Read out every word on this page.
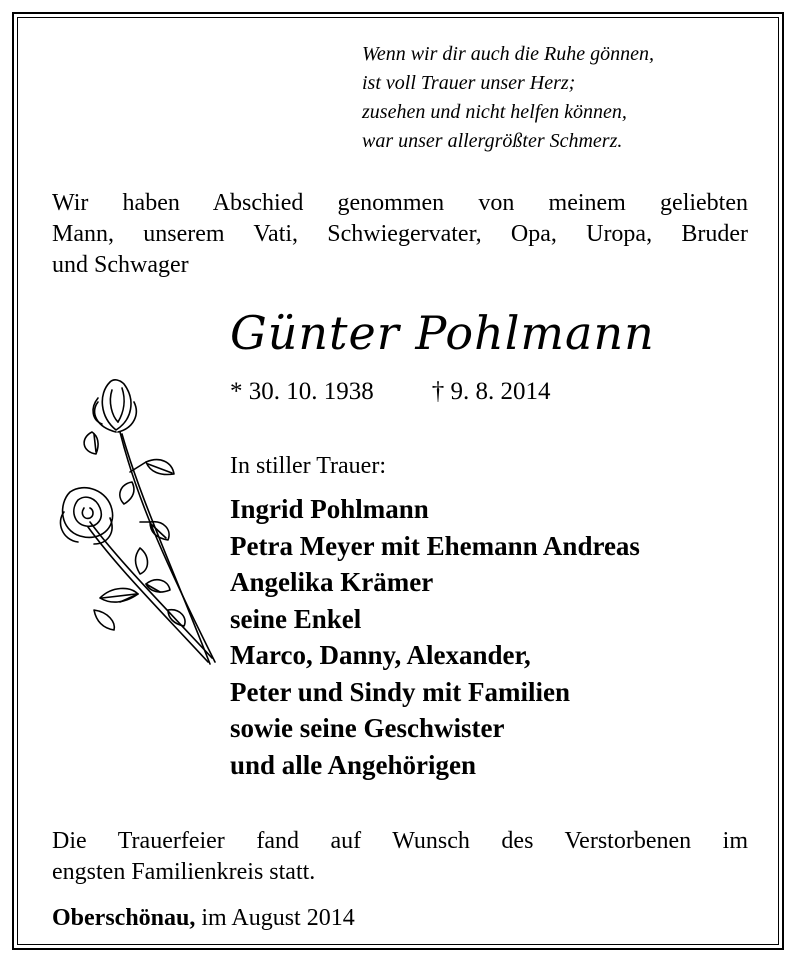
Wenn wir dir auch die Ruhe gönnen,
ist voll Trauer unser Herz;
zusehen und nicht helfen können,
war unser allergrößter Schmerz.
Wir haben Abschied genommen von meinem geliebten
Mann, unserem Vati, Schwiegervater, Opa, Uropa, Bruder
und Schwager
Günter Pohlmann
* 30. 10. 1938 † 9. 8. 2014
In stiller Trauer:
Ingrid Pohlmann
Petra Meyer mit Ehemann Andreas
Angelika Krämer
seine Enkel
Marco, Danny, Alexander,
Peter und Sindy mit Familien
sowie seine Geschwister
und alle Angehörigen
Die Trauerfeier fand auf Wunsch des Verstorbenen im
engsten Familienkreis statt.
Oberschönau, im August 2014
